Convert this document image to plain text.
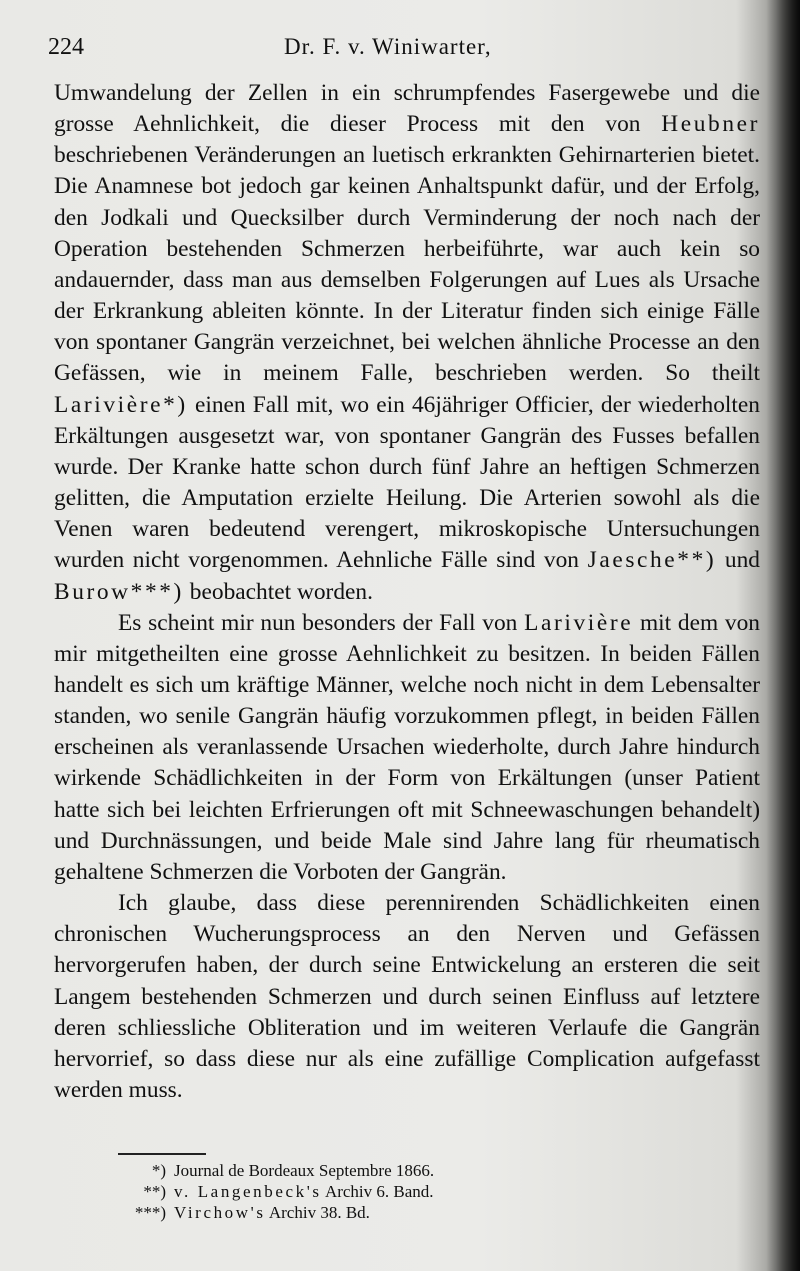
224	Dr. F. v. Winiwarter,

Umwandelung der Zellen in ein schrumpfendes Fasergewebe und die grosse Aehnlichkeit, die dieser Process mit den von Heubner beschriebenen Veränderungen an luetisch erkrankten Gehirnarterien bietet. Die Anamnese bot jedoch gar keinen Anhaltspunkt dafür, und der Erfolg, den Jodkali und Quecksilber durch Verminderung der noch nach der Operation bestehenden Schmerzen herbeiführte, war auch kein so andauernder, dass man aus demselben Folgerungen auf Lues als Ursache der Erkrankung ableiten könnte. In der Literatur finden sich einige Fälle von spontaner Gangrän verzeichnet, bei welchen ähnliche Processe an den Gefässen, wie in meinem Falle, beschrieben werden. So theilt Larivière*) einen Fall mit, wo ein 46jähriger Officier, der wiederholten Erkältungen ausgesetzt war, von spontaner Gangrän des Fusses befallen wurde. Der Kranke hatte schon durch fünf Jahre an heftigen Schmerzen gelitten, die Amputation erzielte Heilung. Die Arterien sowohl als die Venen waren bedeutend verengert, mikroskopische Untersuchungen wurden nicht vorgenommen. Aehnliche Fälle sind von Jaesche**) und Burow***) beobachtet worden.

Es scheint mir nun besonders der Fall von Larivière mit dem von mir mitgetheilten eine grosse Aehnlichkeit zu besitzen. In beiden Fällen handelt es sich um kräftige Männer, welche noch nicht in dem Lebensalter standen, wo senile Gangrän häufig vorzukommen pflegt, in beiden Fällen erscheinen als veranlassende Ursachen wiederholte, durch Jahre hindurch wirkende Schädlichkeiten in der Form von Erkältungen (unser Patient hatte sich bei leichten Erfrierungen oft mit Schneewaschungen behandelt) und Durchnässungen, und beide Male sind Jahre lang für rheumatisch gehaltene Schmerzen die Vorboten der Gangrän.

Ich glaube, dass diese perennirenden Schädlichkeiten einen chronischen Wucherungsprocess an den Nerven und Gefässen hervorgerufen haben, der durch seine Entwickelung an ersteren die seit Langem bestehenden Schmerzen und durch seinen Einfluss auf letztere deren schliessliche Obliteration und im weiteren Verlaufe die Gangrän hervorrief, so dass diese nur als eine zufällige Complication aufgefasst werden muss.

*) Journal de Bordeaux Septembre 1866.
**) v. Langenbeck's Archiv 6. Band.
***) Virchow's Archiv 38. Bd.
